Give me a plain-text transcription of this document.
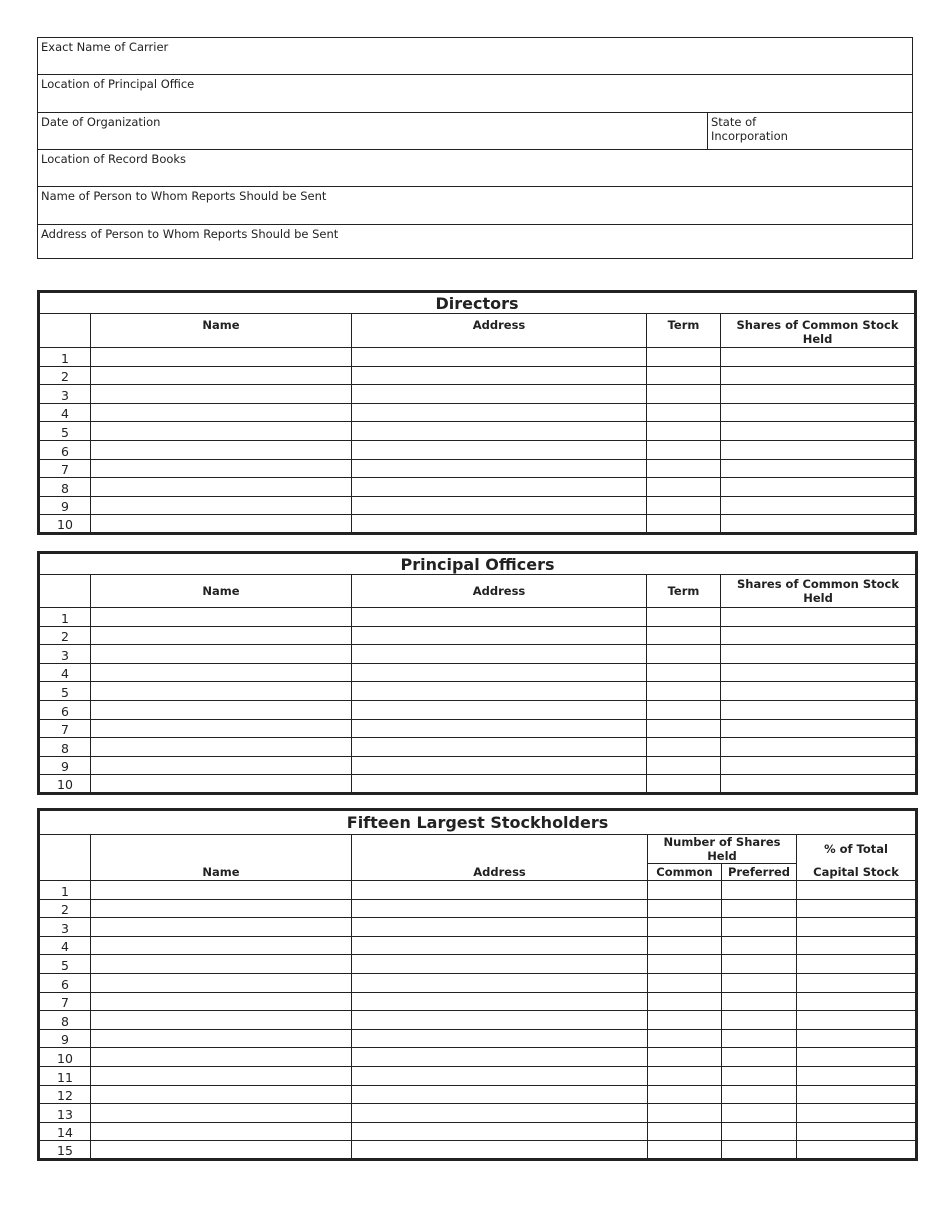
Exact Name of Carrier
Location of Principal Office
Date of Organization	State of Incorporation
Location of Record Books
Name of Person to Whom Reports Should be Sent
Address of Person to Whom Reports Should be Sent
Directors				
	Name	Address	Term	Shares of Common Stock Held
1				
2				
3				
4				
5				
6				
7				
8				
9				
10				
Principal Officers				
	Name	Address	Term	Shares of Common Stock Held
1				
2				
3				
4				
5				
6				
7				
8				
9				
10				
Fifteen Largest Stockholders					
	Name	Address	Number of Shares Held		% of Total
			Common	Preferred	Capital Stock
1					
2					
3					
4					
5					
6					
7					
8					
9					
10					
11					
12					
13					
14					
15					
